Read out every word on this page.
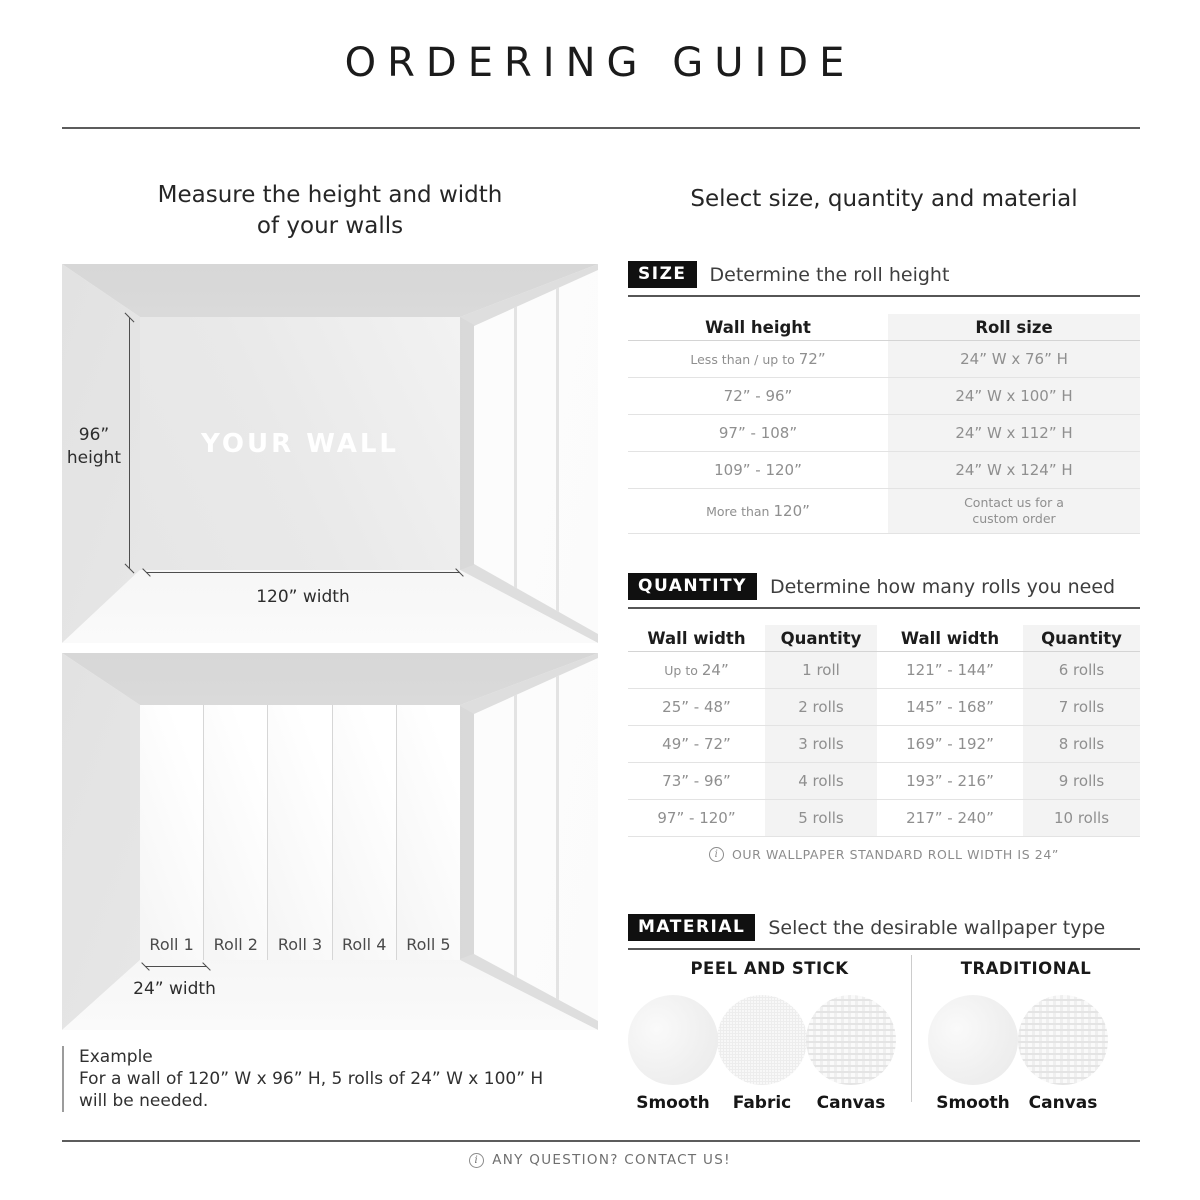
ORDERING GUIDE
Measure the height and width
of your walls
YOUR WALL
96”
height
120” width
Roll 1	Roll 2	Roll 3	Roll 4	Roll 5
24” width
Example
For a wall of 120” W x 96” H, 5 rolls of 24” W x 100” H
will be needed.
Select size, quantity and material
SIZE	Determine the roll height
Wall height	Roll size
Less than / up to 72”	24” W x 76” H
72” - 96”	24” W x 100” H
97” - 108”	24” W x 112” H
109” - 120”	24” W x 124” H
More than 120”	Contact us for a
custom order
QUANTITY	Determine how many rolls you need
Wall width	Quantity	Wall width	Quantity
Up to 24”	1 roll	121” - 144”	6 rolls
25” - 48”	2 rolls	145” - 168”	7 rolls
49” - 72”	3 rolls	169” - 192”	8 rolls
73” - 96”	4 rolls	193” - 216”	9 rolls
97” - 120”	5 rolls	217” - 240”	10 rolls
i	OUR WALLPAPER STANDARD ROLL WIDTH IS 24”
MATERIAL	Select the desirable wallpaper type
PEEL AND STICK	TRADITIONAL
Smooth	Fabric	Canvas	Smooth	Canvas
i ANY QUESTION? CONTACT US!
